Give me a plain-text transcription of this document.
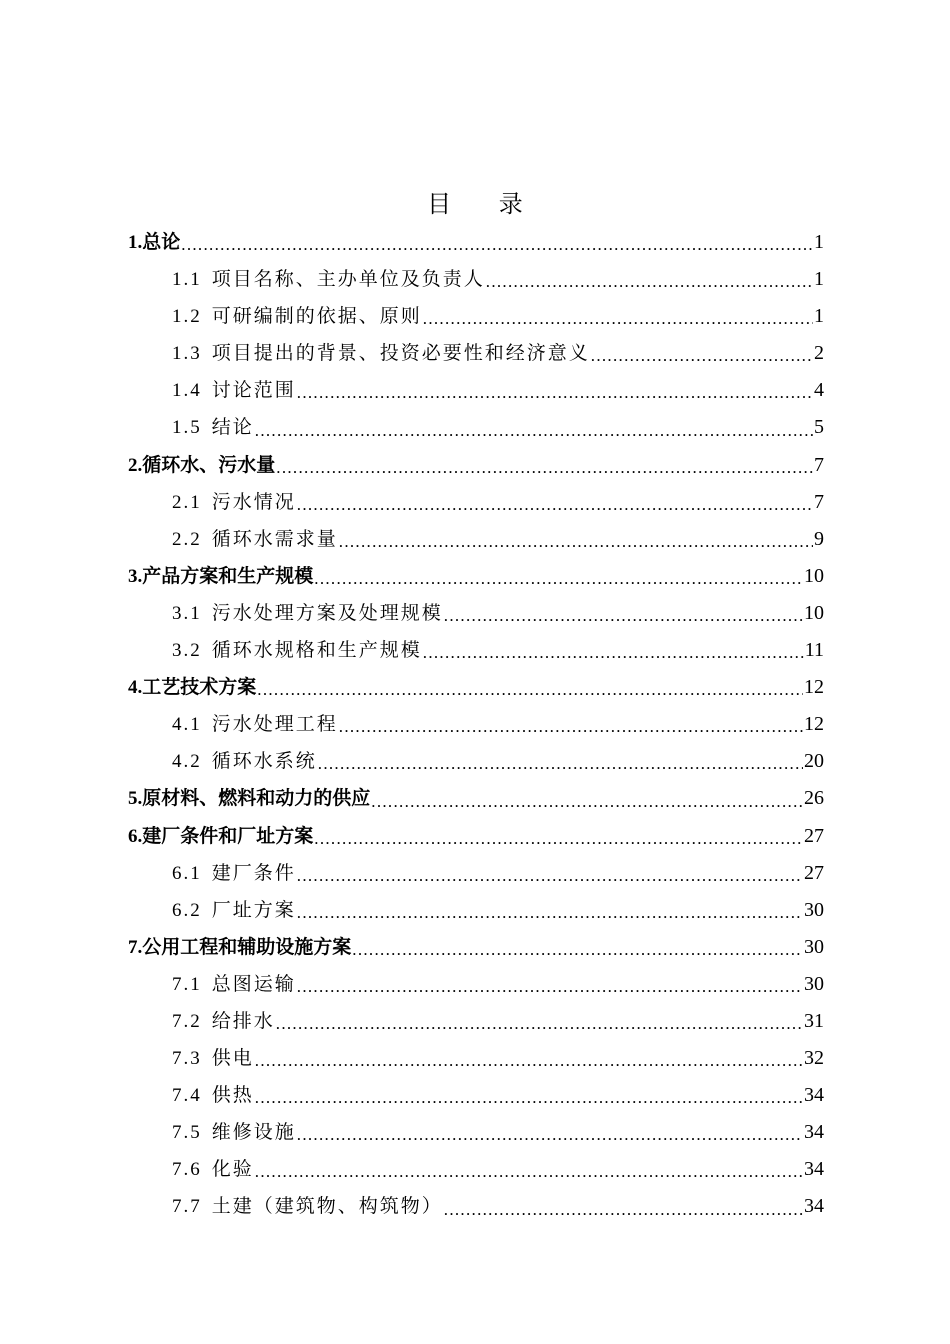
目 录
1.总论 .....	1
1.1 项目名称、主办单位及负责人 .....	1
1.2 可研编制的依据、原则 .....	1
1.3 项目提出的背景、投资必要性和经济意义 .....	2
1.4 讨论范围 .....	4
1.5 结论 .....	5
2.循环水、污水量 .....	7
2.1 污水情况 .....	7
2.2 循环水需求量 .....	9
3.产品方案和生产规模 .....	10
3.1 污水处理方案及处理规模 .....	10
3.2 循环水规格和生产规模 .....	11
4.工艺技术方案 .....	12
4.1 污水处理工程 .....	12
4.2 循环水系统 .....	20
5.原材料、燃料和动力的供应 .....	26
6.建厂条件和厂址方案 .....	27
6.1 建厂条件 .....	27
6.2 厂址方案 .....	30
7.公用工程和辅助设施方案 .....	30
7.1 总图运输 .....	30
7.2 给排水 .....	31
7.3 供电 .....	32
7.4 供热 .....	34
7.5 维修设施 .....	34
7.6 化验 .....	34
7.7 土建（建筑物、构筑物） .....	34
